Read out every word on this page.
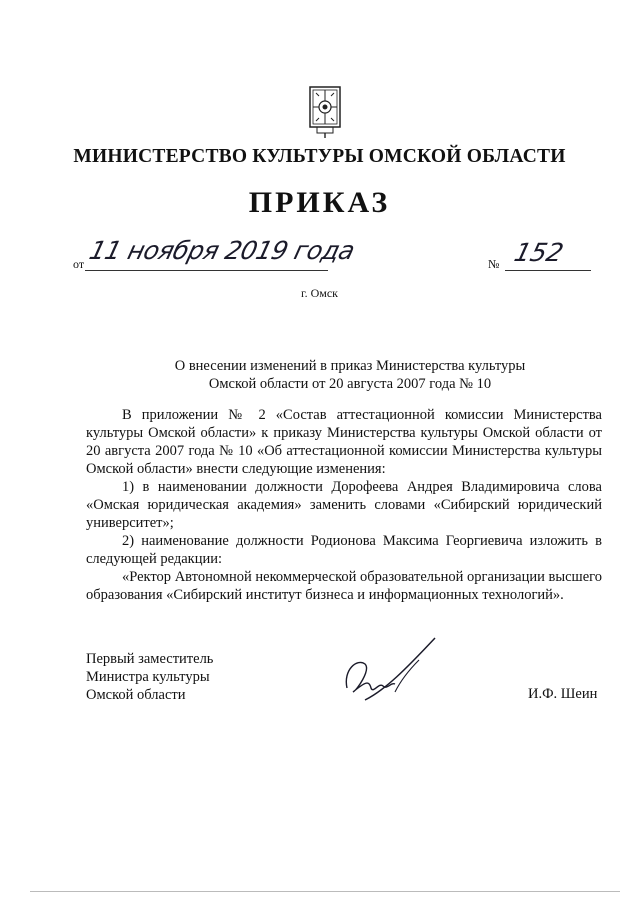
МИНИСТЕРСТВО КУЛЬТУРЫ ОМСКОЙ ОБЛАСТИ
ПРИКАЗ
от 11 ноября 2019 года	№ 152
г. Омск
О внесении изменений в приказ Министерства культуры
Омской области от 20 августа 2007 года № 10

В приложении № 2 «Состав аттестационной комиссии Министерства культуры Омской области» к приказу Министерства культуры Омской области от 20 августа 2007 года № 10 «Об аттестационной комиссии Министерства культуры Омской области» внести следующие изменения:

1) в наименовании должности Дорофеева Андрея Владимировича слова «Омская юридическая академия» заменить словами «Сибирский юридический университет»;

2) наименование должности Родионова Максима Георгиевича изложить в следующей редакции:

«Ректор Автономной некоммерческой образовательной организации высшего образования «Сибирский институт бизнеса и информационных технологий».

Первый заместитель
Министра культуры
Омской области	И.Ф. Шеин
